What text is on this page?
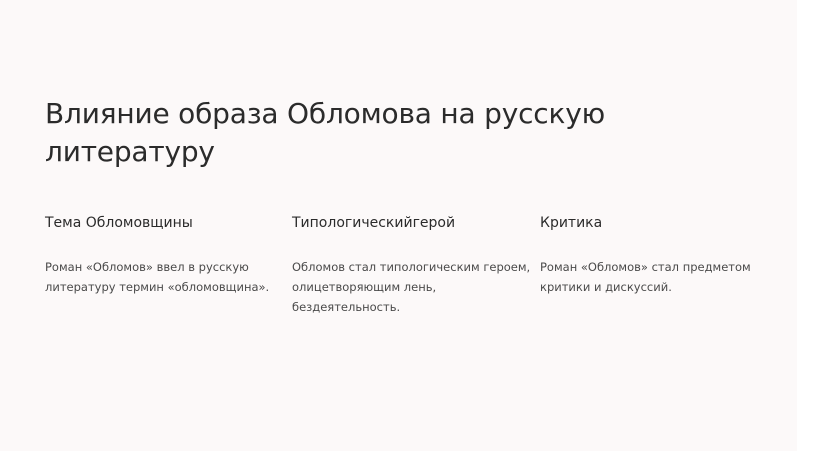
Влияние образа Обломова на русскую литературу
Тема Обломовщины

Роман «Обломов» ввел в русскую литературу термин «обломовщина».

Типологическийгерой

Обломов стал типологическим героем, олицетворяющим лень, бездеятельность.

Критика

Роман «Обломов» стал предметом критики и дискуссий.
